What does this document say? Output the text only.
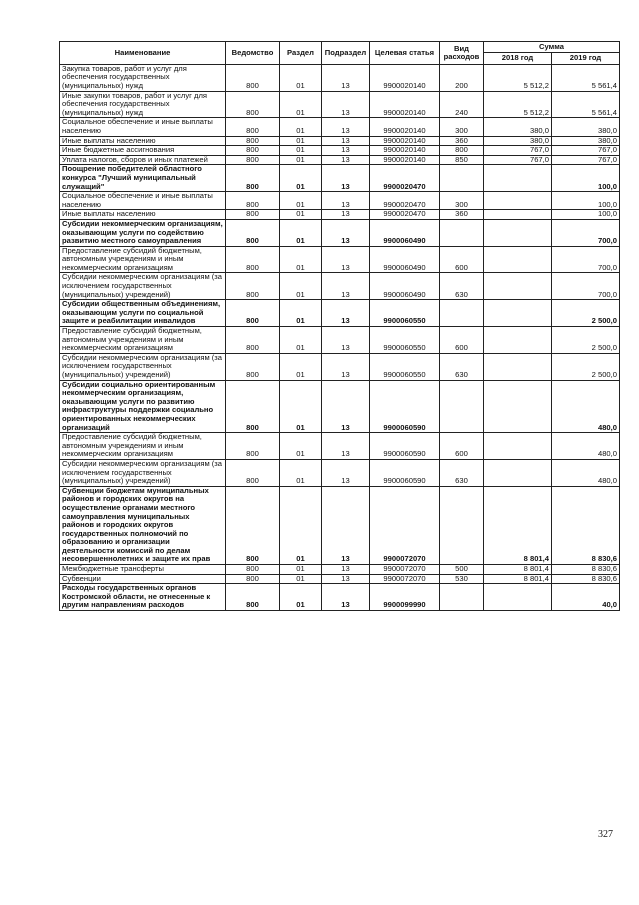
Наименование	Ведомство	Раздел	Подраздел	Целевая статья	Вид расходов	Сумма	
						2018 год	2019 год
Закупка товаров, работ и услуг для обеспечения государственных (муниципальных) нужд	800	01	13	9900020140	200	5 512,2	5 561,4
Иные закупки товаров, работ и услуг для обеспечения государственных (муниципальных) нужд	800	01	13	9900020140	240	5 512,2	5 561,4
Социальное обеспечение и иные выплаты населению	800	01	13	9900020140	300	380,0	380,0
Иные выплаты населению	800	01	13	9900020140	360	380,0	380,0
Иные бюджетные ассигнования	800	01	13	9900020140	800	767,0	767,0
Уплата налогов, сборов и иных платежей	800	01	13	9900020140	850	767,0	767,0
Поощрение победителей областного конкурса "Лучший муниципальный служащий"	800	01	13	9900020470			100,0
Социальное обеспечение и иные выплаты населению	800	01	13	9900020470	300		100,0
Иные выплаты населению	800	01	13	9900020470	360		100,0
Субсидии некоммерческим организациям, оказывающим услуги по содействию развитию местного самоуправления	800	01	13	9900060490			700,0
Предоставление субсидий бюджетным, автономным учреждениям и иным некоммерческим организациям	800	01	13	9900060490	600		700,0
Субсидии некоммерческим организациям (за исключением государственных (муниципальных) учреждений)	800	01	13	9900060490	630		700,0
Субсидии общественным объединениям, оказывающим услуги по социальной защите и реабилитации инвалидов	800	01	13	9900060550			2 500,0
Предоставление субсидий бюджетным, автономным учреждениям и иным некоммерческим организациям	800	01	13	9900060550	600		2 500,0
Субсидии некоммерческим организациям (за исключением государственных (муниципальных) учреждений)	800	01	13	9900060550	630		2 500,0
Субсидии социально ориентированным некоммерческим организациям, оказывающим услуги по развитию инфраструктуры поддержки социально ориентированных некоммерческих организаций	800	01	13	9900060590			480,0
Предоставление субсидий бюджетным, автономным учреждениям и иным некоммерческим организациям	800	01	13	9900060590	600		480,0
Субсидии некоммерческим организациям (за исключением государственных (муниципальных) учреждений)	800	01	13	9900060590	630		480,0
Субвенции бюджетам муниципальных районов и городских округов на осуществление органами местного самоуправления муниципальных районов и городских округов государственных полномочий по образованию и организации деятельности комиссий по делам несовершеннолетних и защите их прав	800	01	13	9900072070		8 801,4	8 830,6
Межбюджетные трансферты	800	01	13	9900072070	500	8 801,4	8 830,6
Субвенции	800	01	13	9900072070	530	8 801,4	8 830,6
Расходы государственных органов Костромской области, не отнесенные к другим направлениям расходов	800	01	13	9900099990			40,0
327
